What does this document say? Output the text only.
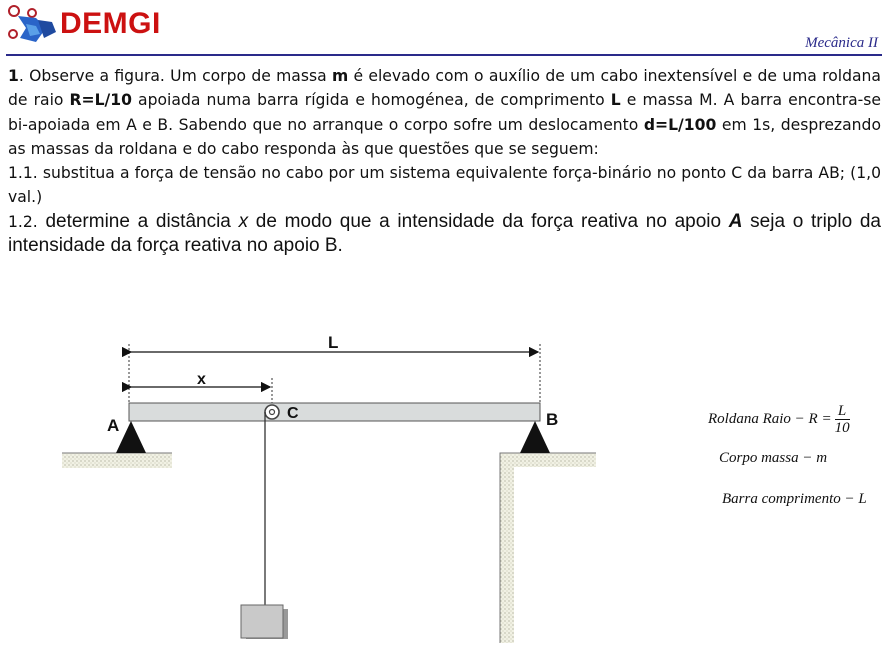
DEMGI
Mecânica II

1. Observe a figura. Um corpo de massa m é elevado com o auxílio de um cabo inextensível e de uma roldana de raio R=L/10 apoiada numa barra rígida e homogénea, de comprimento L e massa M. A barra encontra-se bi-apoiada em A e B. Sabendo que no arranque o corpo sofre um deslocamento d=L/100 em 1s, desprezando as massas da roldana e do cabo responda às que questões que se seguem:

1.1. substitua a força de tensão no cabo por um sistema equivalente força-binário no ponto C da barra AB; (1,0 val.)

1.2. determine a distância x de modo que a intensidade da força reativa no apoio A seja o triplo da intensidade da força reativa no apoio B.

L
x
A	B
C	Roldana Raio − $R = \frac{L}{10}$
Corpo massa − m
Barra comprimento − L
